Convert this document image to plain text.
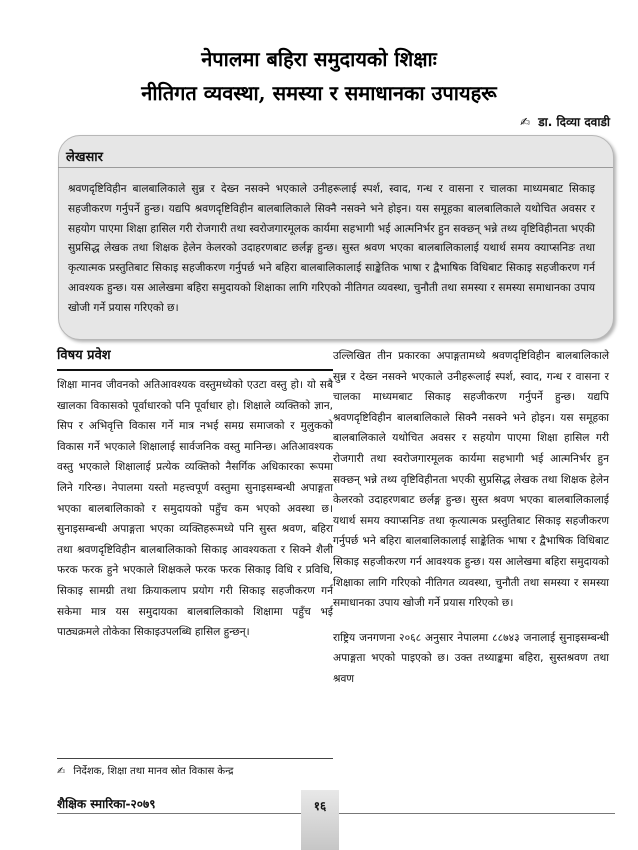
नेपालमा बहिरा समुदायको शिक्षाः
नीतिगत व्यवस्था, समस्या र समाधानका उपायहरू
✍ डा. दिव्या दवाडी
लेखसार
श्रवणदृष्टिविहीन बालबालिकाले सुन्न र देख्न नसक्ने भएकाले उनीहरूलाई स्पर्श, स्वाद, गन्ध र वासना र चालका माध्यमबाट सिकाइ सहजीकरण गर्नुपर्ने हुन्छ। यद्यपि श्रवणदृष्टिविहीन बालबालिकाले सिक्नै नसक्ने भने होइन। यस समूहका बालबालिकाले यथोचित अवसर र सहयोग पाएमा शिक्षा हासिल गरी रोजगारी तथा स्वरोजगारमूलक कार्यमा सहभागी भई आत्मनिर्भर हुन सक्छन् भन्ने तथ्य वृष्टिविहीनता भएकी सुप्रसिद्ध लेखक तथा शिक्षक हेलेन केलरको उदाहरणबाट छर्लङ्ग हुन्छ। सुस्त श्रवण भएका बालबालिकालाई यथार्थ समय क्याप्सनिङ तथा कृत्यात्मक प्रस्तुतिबाट सिकाइ सहजीकरण गर्नुपर्छ भने बहिरा बालबालिकालाई साङ्केतिक भाषा र द्वैभाषिक विधिबाट सिकाइ सहजीकरण गर्न आवश्यक हुन्छ। यस आलेखमा बहिरा समुदायको शिक्षाका लागि गरिएको नीतिगत व्यवस्था, चुनौती तथा समस्या र समस्या समाधानका उपाय खोजी गर्ने प्रयास गरिएको छ।
विषय प्रवेश

शिक्षा मानव जीवनको अतिआवश्यक वस्तुमध्येको एउटा वस्तु हो। यो सबै खालका विकासको पूर्वाधारको पनि पूर्वाधार हो। शिक्षाले व्यक्तिको ज्ञान, सिप र अभिवृत्ति विकास गर्ने मात्र नभई समग्र समाजको र मुलुकको विकास गर्ने भएकाले शिक्षालाई सार्वजनिक वस्तु मानिन्छ। अतिआवश्यक वस्तु भएकाले शिक्षालाई प्रत्येक व्यक्तिको नैसर्गिक अधिकारका रूपमा लिने गरिन्छ। नेपालमा यस्तो महत्त्वपूर्ण वस्तुमा सुनाइसम्बन्धी अपाङ्गता भएका बालबालिकाको र समुदायको पहुँच कम भएको अवस्था छ। सुनाइसम्बन्धी अपाङ्गता भएका व्यक्तिहरूमध्ये पनि सुस्त श्रवण, बहिरा तथा श्रवणदृष्टिविहीन बालबालिकाको सिकाइ आवश्यकता र सिक्ने शैली फरक फरक हुने भएकाले शिक्षकले फरक फरक सिकाइ विधि र प्रविधि, सिकाइ सामग्री तथा क्रियाकलाप प्रयोग गरी सिकाइ सहजीकरण गर्न सकेमा मात्र यस समुदायका बालबालिकाको शिक्षामा पहुँच भई पाठ्यक्रमले तोकेका सिकाइउपलब्धि हासिल हुन्छन्।

उल्लिखित तीन प्रकारका अपाङ्गतामध्ये श्रवणदृष्टिविहीन बालबालिकाले सुन्न र देख्न नसक्ने भएकाले उनीहरूलाई स्पर्श, स्वाद, गन्ध र वासना र चालका माध्यमबाट सिकाइ सहजीकरण गर्नुपर्ने हुन्छ। यद्यपि श्रवणदृष्टिविहीन बालबालिकाले सिक्नै नसक्ने भने होइन। यस समूहका बालबालिकाले यथोचित अवसर र सहयोग पाएमा शिक्षा हासिल गरी रोजगारी तथा स्वरोजगारमूलक कार्यमा सहभागी भई आत्मनिर्भर हुन सक्छन् भन्ने तथ्य वृष्टिविहीनता भएकी सुप्रसिद्ध लेखक तथा शिक्षक हेलेन केलरको उदाहरणबाट छर्लङ्ग हुन्छ। सुस्त श्रवण भएका बालबालिकालाई यथार्थ समय क्याप्सनिङ तथा कृत्यात्मक प्रस्तुतिबाट सिकाइ सहजीकरण गर्नुपर्छ भने बहिरा बालबालिकालाई साङ्केतिक भाषा र द्वैभाषिक विधिबाट सिकाइ सहजीकरण गर्न आवश्यक हुन्छ। यस आलेखमा बहिरा समुदायको शिक्षाका लागि गरिएको नीतिगत व्यवस्था, चुनौती तथा समस्या र समस्या समाधानका उपाय खोजी गर्ने प्रयास गरिएको छ।

राष्ट्रिय जनगणना २०६८ अनुसार नेपालमा ८८७४३ जनालाई सुनाइसम्बन्धी अपाङ्गता भएको पाइएको छ। उक्त तथ्याङ्कमा बहिरा, सुस्तश्रवण तथा श्रवण

✍ निर्देशक, शिक्षा तथा मानव स्रोत विकास केन्द्र
शैक्षिक स्मारिका-२०७९	१६
